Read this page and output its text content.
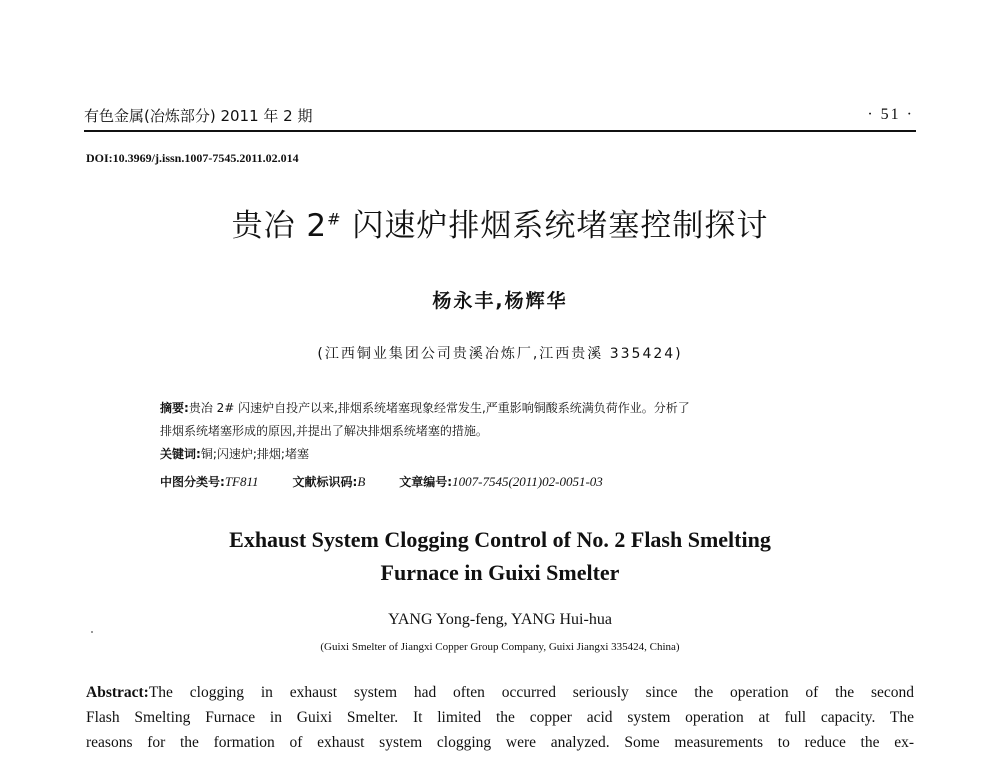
有色金属(冶炼部分) 2011 年 2 期	· 51 ·
DOI:10.3969/j.issn.1007-7545.2011.02.014
贵冶 2# 闪速炉排烟系统堵塞控制探讨
杨永丰,杨辉华
(江西铜业集团公司贵溪冶炼厂,江西贵溪 335424)
摘要:贵冶 2# 闪速炉自投产以来,排烟系统堵塞现象经常发生,严重影响铜酸系统满负荷作业。分析了
排烟系统堵塞形成的原因,并提出了解决排烟系统堵塞的措施。
关键词:铜;闪速炉;排烟;堵塞
中图分类号:TF811	文献标识码:B	文章编号:1007-7545(2011)02-0051-03
Exhaust System Clogging Control of No. 2 Flash Smelting
Furnace in Guixi Smelter
YANG Yong-feng, YANG Hui-hua
(Guixi Smelter of Jiangxi Copper Group Company, Guixi Jiangxi 335424, China)
Abstract:The clogging in exhaust system had often occurred seriously since the operation of the second
Flash Smelting Furnace in Guixi Smelter. It limited the copper acid system operation at full capacity. The
reasons for the formation of exhaust system clogging were analyzed. Some measurements to reduce the ex-
